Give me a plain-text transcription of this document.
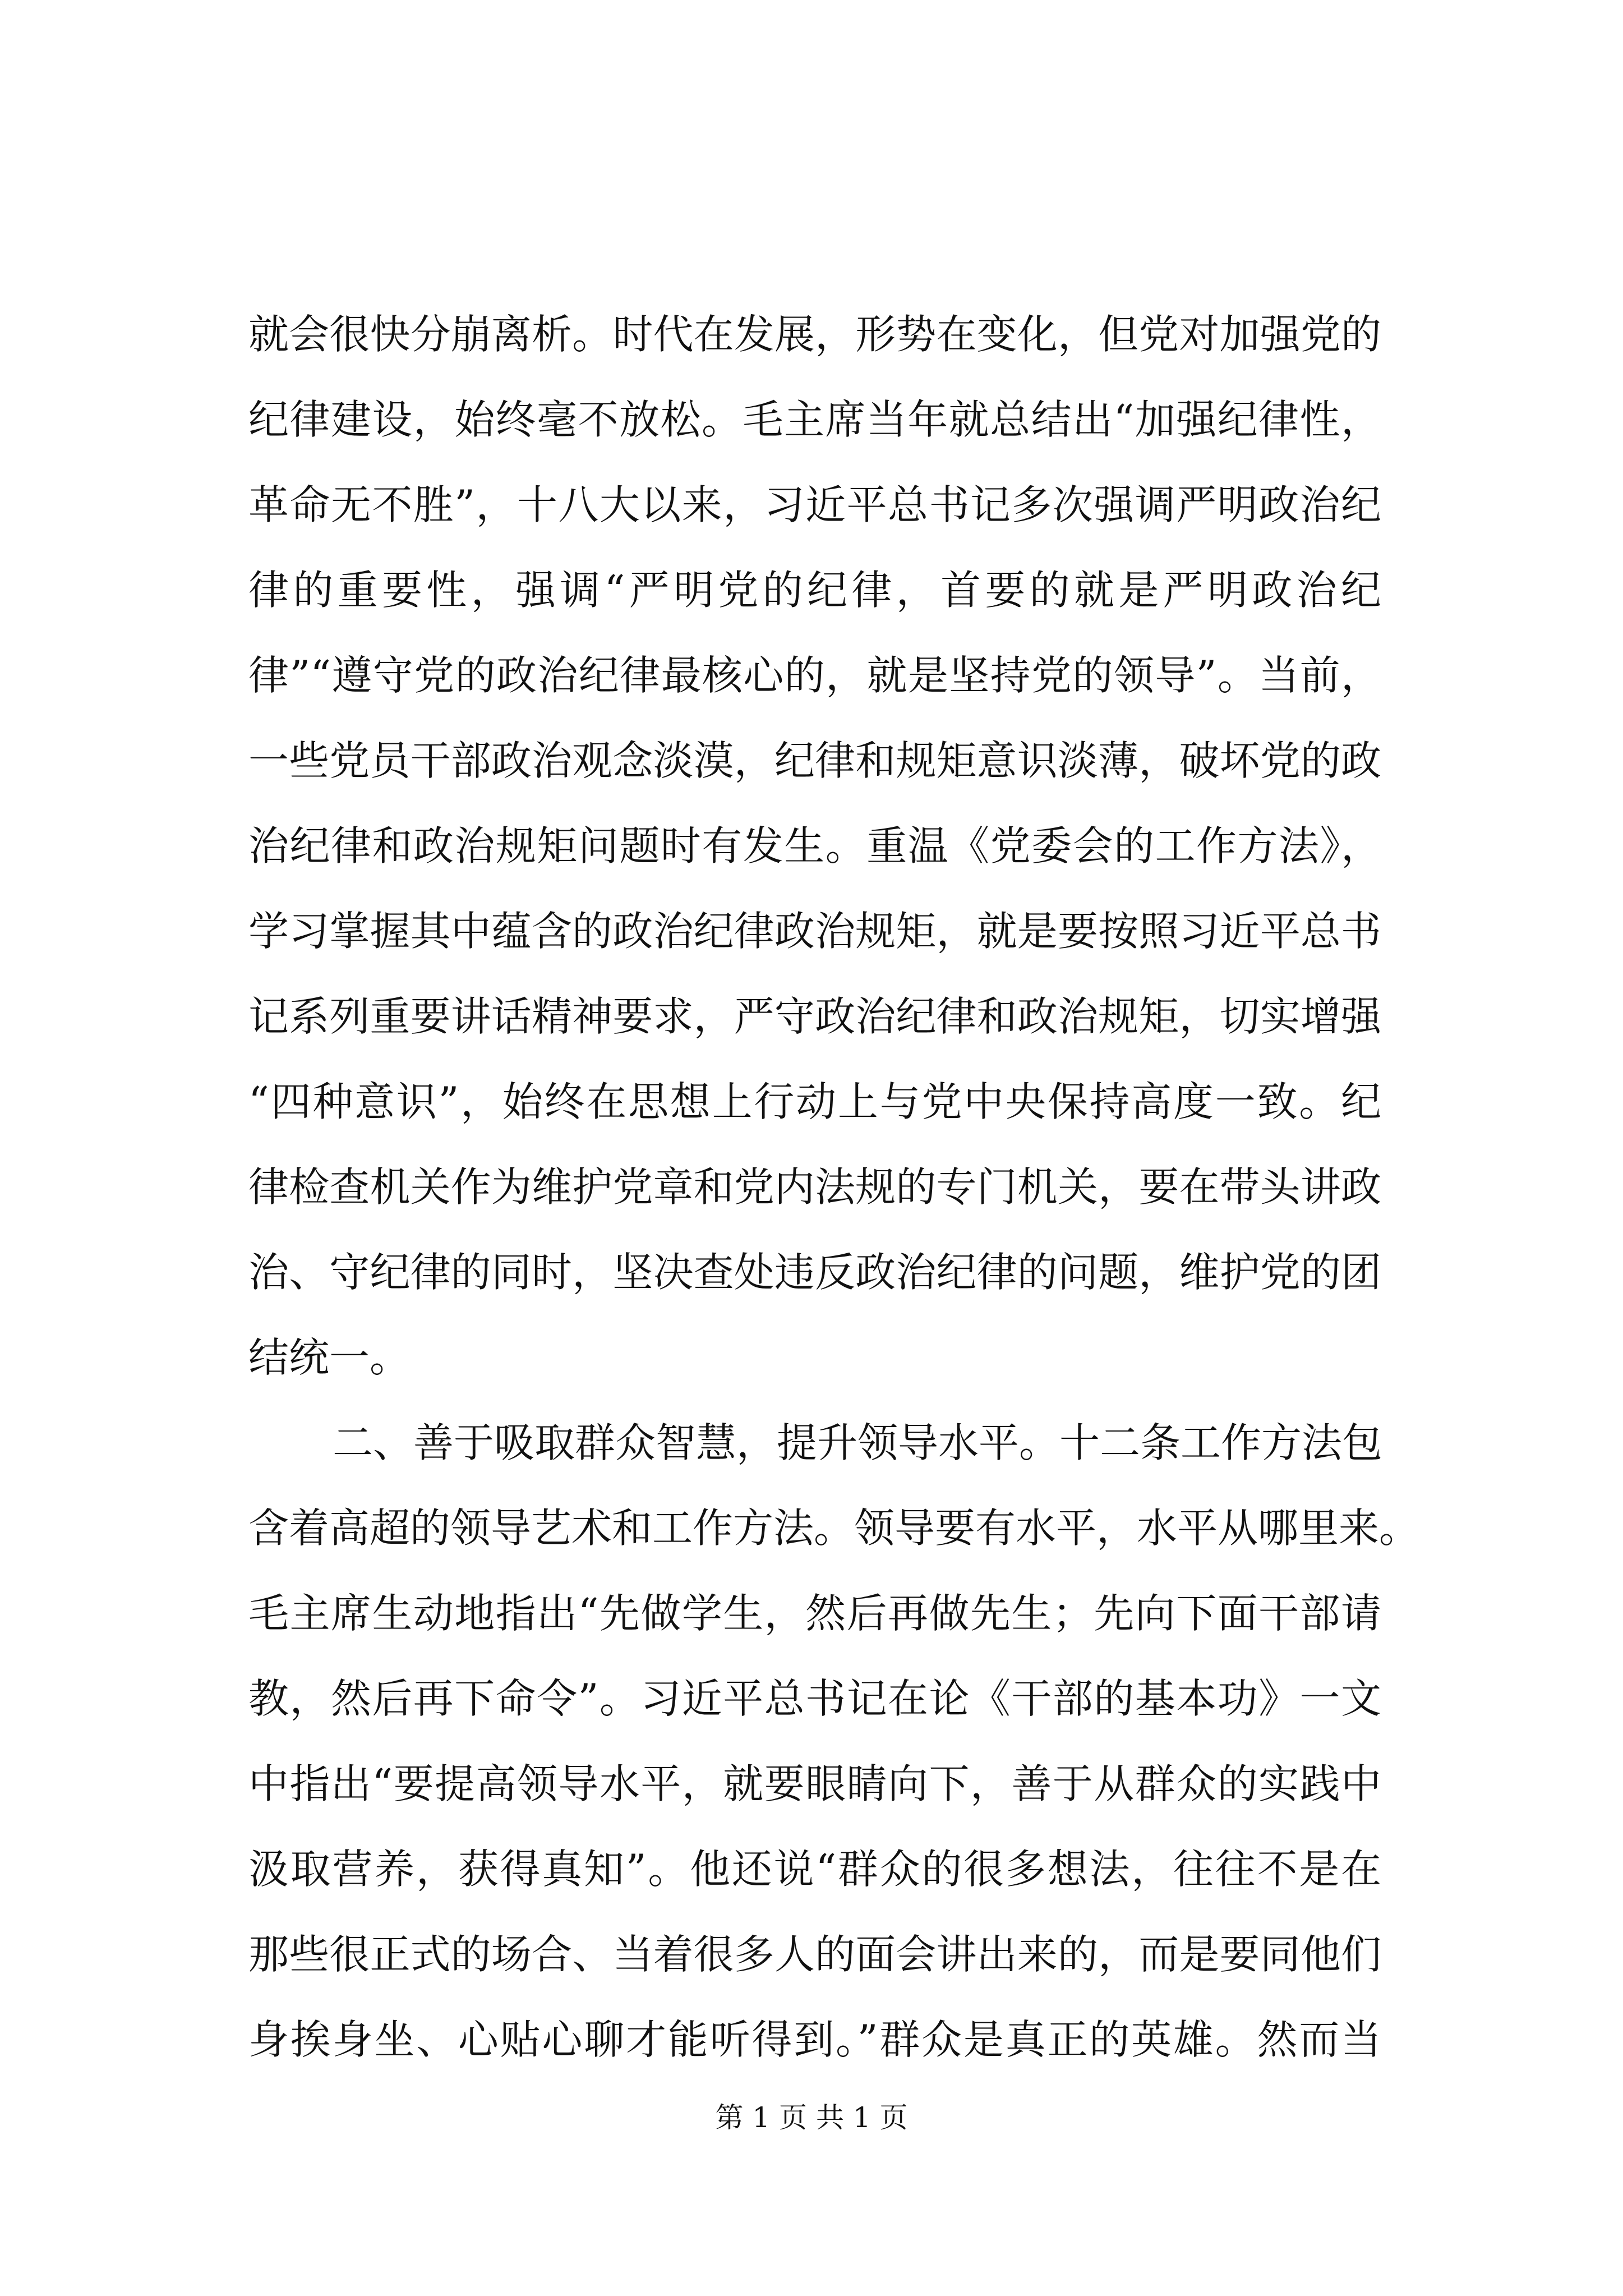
就会很快分崩离析。时代在发展，形势在变化，但党对加强党的
纪律建设，始终毫不放松。毛主席当年就总结出“加强纪律性，
革命无不胜”，十八大以来，习近平总书记多次强调严明政治纪
律的重要性，强调“严明党的纪律，首要的就是严明政治纪
律”“遵守党的政治纪律最核心的，就是坚持党的领导”。当前，
一些党员干部政治观念淡漠，纪律和规矩意识淡薄，破坏党的政
治纪律和政治规矩问题时有发生。重温《党委会的工作方法》，
学习掌握其中蕴含的政治纪律政治规矩，就是要按照习近平总书
记系列重要讲话精神要求，严守政治纪律和政治规矩，切实增强
“四种意识”，始终在思想上行动上与党中央保持高度一致。纪
律检查机关作为维护党章和党内法规的专门机关，要在带头讲政
治、守纪律的同时，坚决查处违反政治纪律的问题，维护党的团
结统一。
二、善于吸取群众智慧，提升领导水平。十二条工作方法包
含着高超的领导艺术和工作方法。领导要有水平，水平从哪里来。
毛主席生动地指出“先做学生，然后再做先生；先向下面干部请
教，然后再下命令”。习近平总书记在论《干部的基本功》一文
中指出“要提高领导水平，就要眼睛向下，善于从群众的实践中
汲取营养，获得真知”。他还说“群众的很多想法，往往不是在
那些很正式的场合、当着很多人的面会讲出来的，而是要同他们
身挨身坐、心贴心聊才能听得到。”群众是真正的英雄。然而当
第 1 页 共 1 页
